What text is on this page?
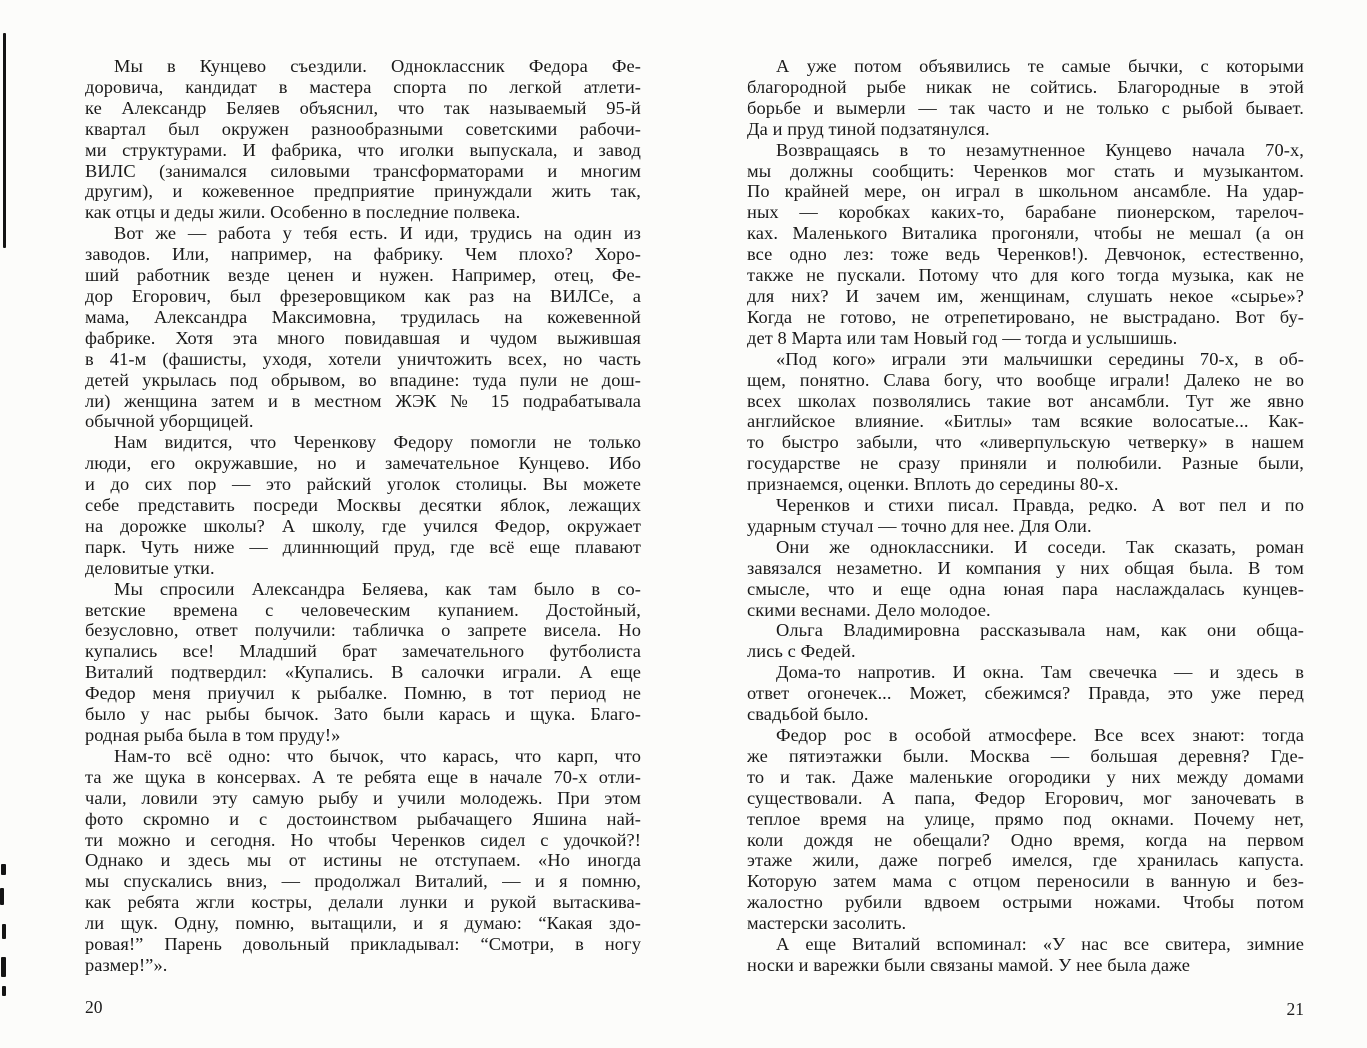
Мы в Кунцево съездили. Одноклассник Федора Фе-
доровича, кандидат в мастера спорта по легкой атлети-
ке Александр Беляев объяснил, что так называемый 95-й
квартал был окружен разнообразными советскими рабочи-
ми структурами. И фабрика, что иголки выпускала, и завод
ВИЛС (занимался силовыми трансформаторами и многим
другим), и кожевенное предприятие принуждали жить так,
как отцы и деды жили. Особенно в последние полвека.
Вот же — работа у тебя есть. И иди, трудись на один из
заводов. Или, например, на фабрику. Чем плохо? Хоро-
ший работник везде ценен и нужен. Например, отец, Фе-
дор Егорович, был фрезеровщиком как раз на ВИЛСе, а
мама, Александра Максимовна, трудилась на кожевенной
фабрике. Хотя эта много повидавшая и чудом выжившая
в 41-м (фашисты, уходя, хотели уничтожить всех, но часть
детей укрылась под обрывом, во впадине: туда пули не дош-
ли) женщина затем и в местном ЖЭК № 15 подрабатывала
обычной уборщицей.
Нам видится, что Черенкову Федору помогли не только
люди, его окружавшие, но и замечательное Кунцево. Ибо
и до сих пор — это райский уголок столицы. Вы можете
себе представить посреди Москвы десятки яблок, лежащих
на дорожке школы? А школу, где учился Федор, окружает
парк. Чуть ниже — длиннющий пруд, где всё еще плавают
деловитые утки.
Мы спросили Александра Беляева, как там было в со-
ветские времена с человеческим купанием. Достойный,
безусловно, ответ получили: табличка о запрете висела. Но
купались все! Младший брат замечательного футболиста
Виталий подтвердил: «Купались. В салочки играли. А еще
Федор меня приучил к рыбалке. Помню, в тот период не
было у нас рыбы бычок. Зато были карась и щука. Благо-
родная рыба была в том пруду!»
Нам-то всё одно: что бычок, что карась, что карп, что
та же щука в консервах. А те ребята еще в начале 70-х отли-
чали, ловили эту самую рыбу и учили молодежь. При этом
фото скромно и с достоинством рыбачащего Яшина най-
ти можно и сегодня. Но чтобы Черенков сидел с удочкой?!
Однако и здесь мы от истины не отступаем. «Но иногда
мы спускались вниз, — продолжал Виталий, — и я помню,
как ребята жгли костры, делали лунки и рукой вытаскива-
ли щук. Одну, помню, вытащили, и я думаю: “Какая здо-
ровая!” Парень довольный прикладывал: “Смотри, в ногу
размер!”».
А уже потом объявились те самые бычки, с которыми
благородной рыбе никак не сойтись. Благородные в этой
борьбе и вымерли — так часто и не только с рыбой бывает.
Да и пруд тиной подзатянулся.
Возвращаясь в то незамутненное Кунцево начала 70-х,
мы должны сообщить: Черенков мог стать и музыкантом.
По крайней мере, он играл в школьном ансамбле. На удар-
ных — коробках каких-то, барабане пионерском, тарелоч-
ках. Маленького Виталика прогоняли, чтобы не мешал (а он
все одно лез: тоже ведь Черенков!). Девчонок, естественно,
также не пускали. Потому что для кого тогда музыка, как не
для них? И зачем им, женщинам, слушать некое «сырье»?
Когда не готово, не отрепетировано, не выстрадано. Вот бу-
дет 8 Марта или там Новый год — тогда и услышишь.
«Под кого» играли эти мальчишки середины 70-х, в об-
щем, понятно. Слава богу, что вообще играли! Далеко не во
всех школах позволялись такие вот ансамбли. Тут же явно
английское влияние. «Битлы» там всякие волосатые... Как-
то быстро забыли, что «ливерпульскую четверку» в нашем
государстве не сразу приняли и полюбили. Разные были,
признаемся, оценки. Вплоть до середины 80-х.
Черенков и стихи писал. Правда, редко. А вот пел и по
ударным стучал — точно для нее. Для Оли.
Они же одноклассники. И соседи. Так сказать, роман
завязался незаметно. И компания у них общая была. В том
смысле, что и еще одна юная пара наслаждалась кунцев-
скими веснами. Дело молодое.
Ольга Владимировна рассказывала нам, как они обща-
лись с Федей.
Дома-то напротив. И окна. Там свечечка — и здесь в
ответ огонечек... Может, сбежимся? Правда, это уже перед
свадьбой было.
Федор рос в особой атмосфере. Все всех знают: тогда
же пятиэтажки были. Москва — большая деревня? Где-
то и так. Даже маленькие огородики у них между домами
существовали. А папа, Федор Егорович, мог заночевать в
теплое время на улице, прямо под окнами. Почему нет,
коли дождя не обещали? Одно время, когда на первом
этаже жили, даже погреб имелся, где хранилась капуста.
Которую затем мама с отцом переносили в ванную и без-
жалостно рубили вдвоем острыми ножами. Чтобы потом
мастерски засолить.
А еще Виталий вспоминал: «У нас все свитера, зимние
носки и варежки были связаны мамой. У нее была даже
20	21
